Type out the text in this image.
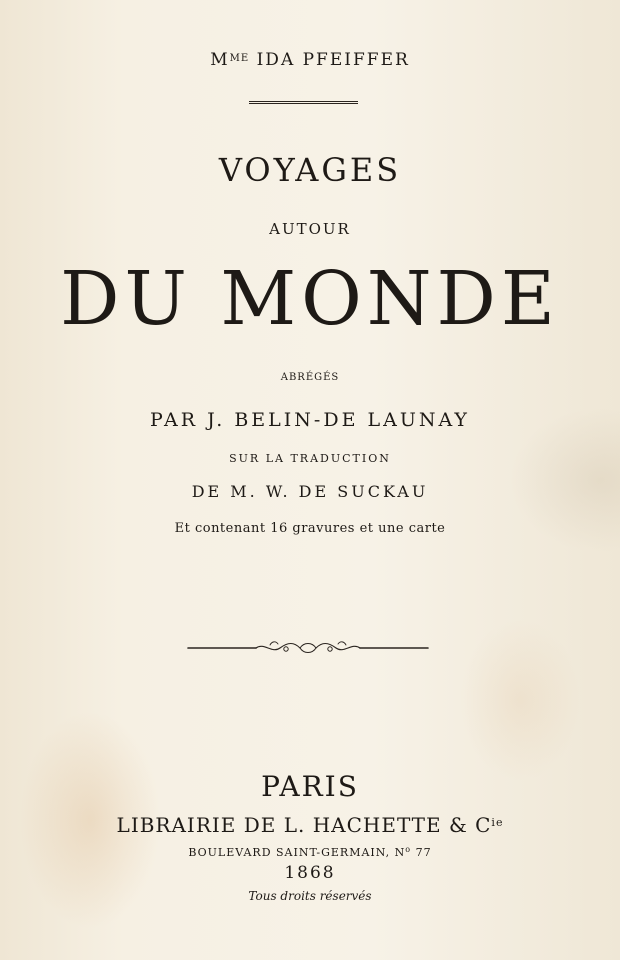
$M^{ME}$ IDA PFEIFFER
VOYAGES
AUTOUR
DU MONDE
ABRÉGÉS
PAR J. BELIN-DE LAUNAY
SUR LA TRADUCTION
DE M. W. DE SUCKAU
Et contenant 16 gravures et une carte
PARIS
LIBRAIRIE DE L. HACHETTE & $C^{ie}$
BOULEVARD SAINT-GERMAIN, $N^o$ 77
1868
Tous droits réservés
